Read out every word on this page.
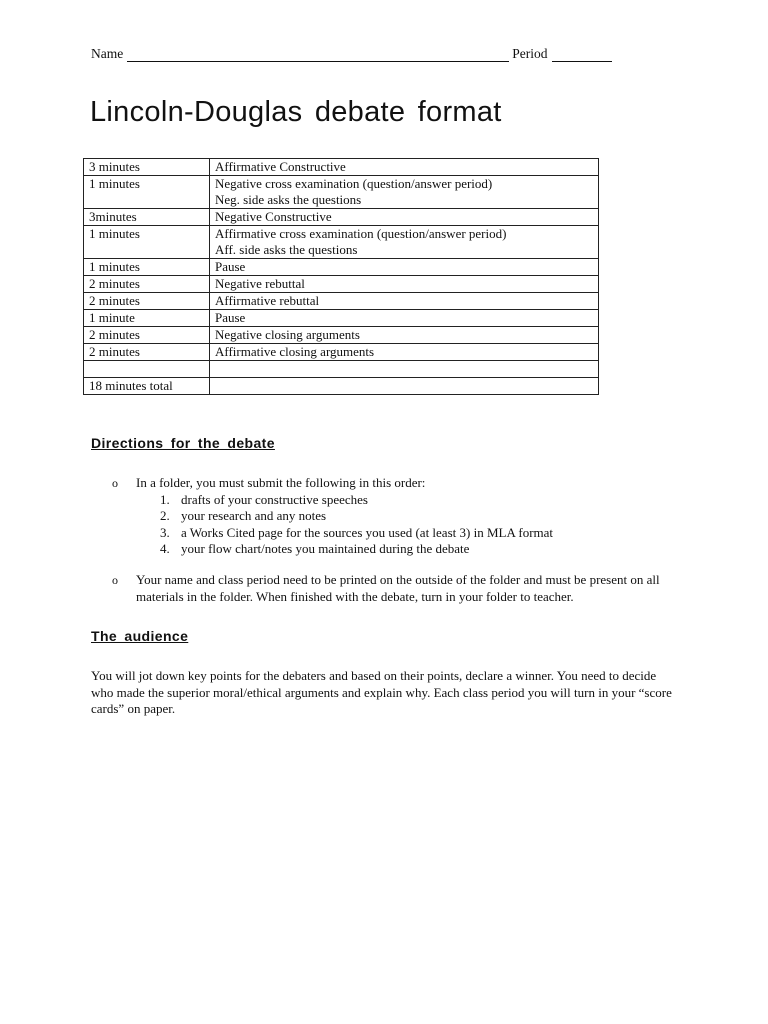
Name	Period
Lincoln-Douglas debate format
3 minutes	Affirmative Constructive
1 minutes	Negative cross examination (question/answer period)
Neg. side asks the questions
3minutes	Negative Constructive
1 minutes	Affirmative cross examination (question/answer period)
Aff. side asks the questions
1 minutes	Pause
2 minutes	Negative rebuttal
2 minutes	Affirmative rebuttal
1 minute	Pause
2 minutes	Negative closing arguments
2 minutes	Affirmative closing arguments

18 minutes total	
Directions for the debate
o In a folder, you must submit the following in this order:
1. drafts of your constructive speeches
2. your research and any notes
3. a Works Cited page for the sources you used (at least 3) in MLA format
4. your flow chart/notes you maintained during the debate
o Your name and class period need to be printed on the outside of the folder and must be present on all materials in the folder. When finished with the debate, turn in your folder to teacher.
The audience
You will jot down key points for the debaters and based on their points, declare a winner. You need to decide who made the superior moral/ethical arguments and explain why. Each class period you will turn in your “score cards” on paper.
